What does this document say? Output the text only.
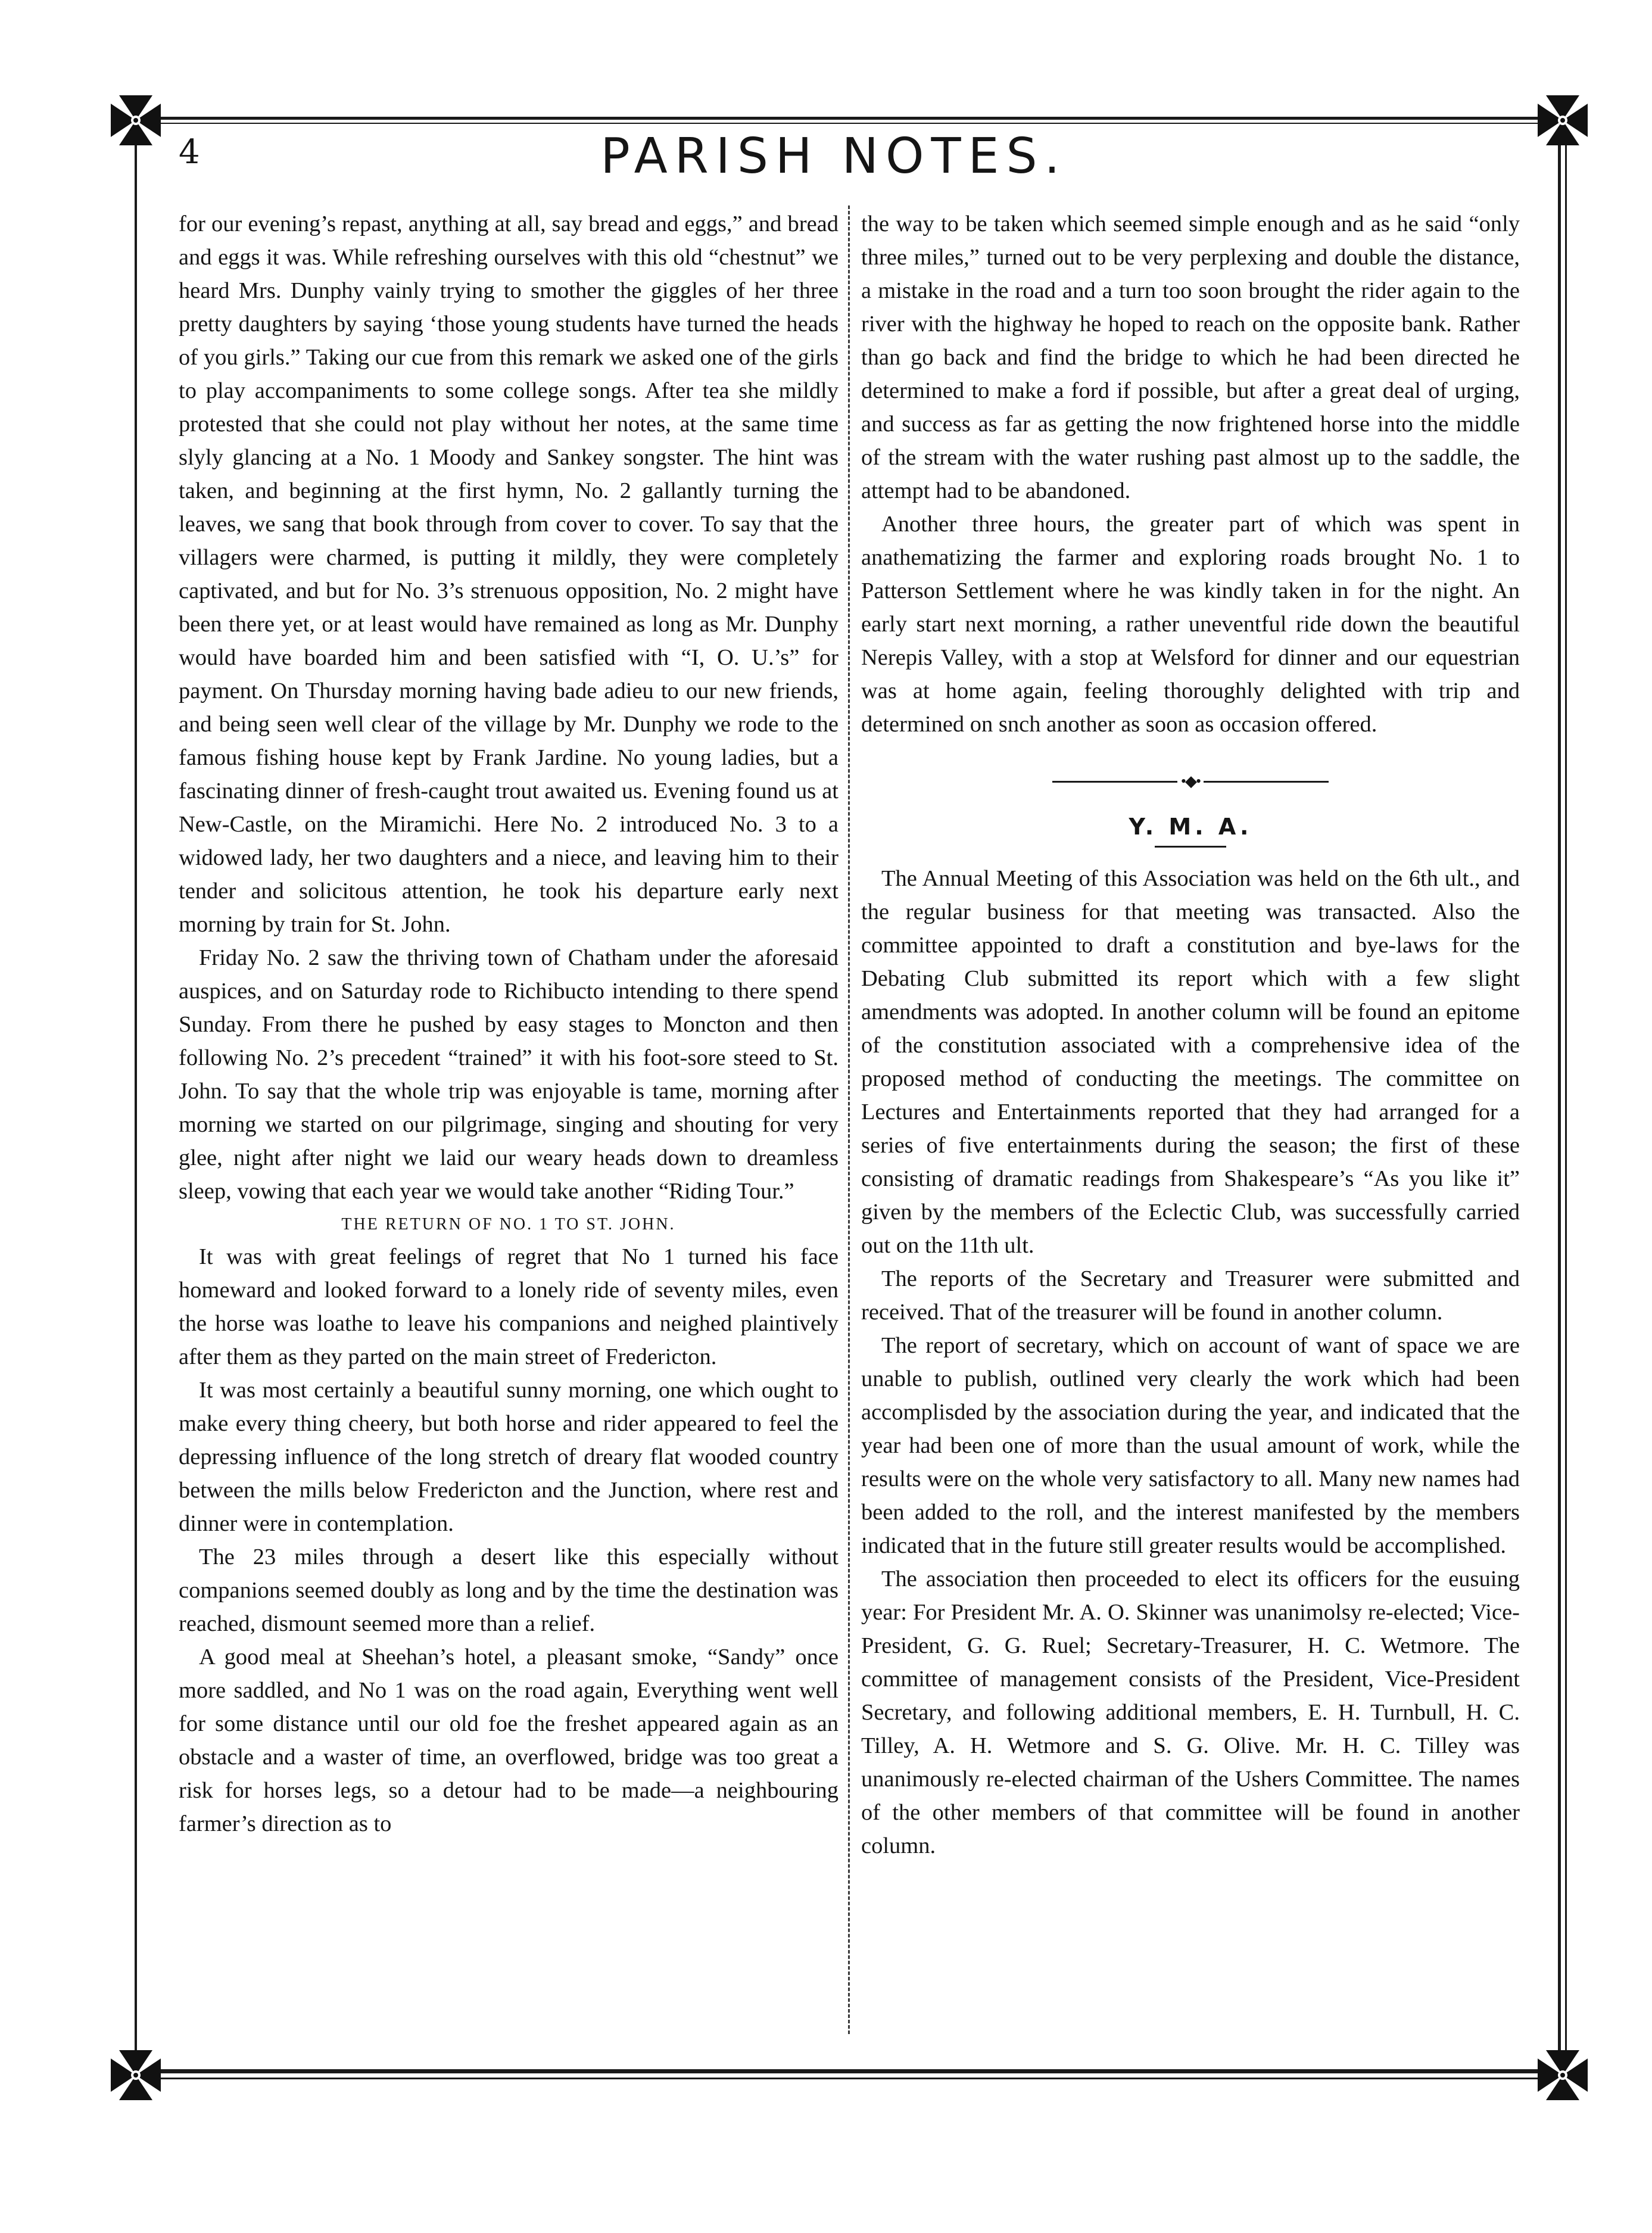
4	PARISH NOTES.

for our evening’s repast, anything at all, say bread and eggs,” and bread and eggs it was. While refreshing ourselves with this old “chestnut” we heard Mrs. Dunphy vainly trying to smother the giggles of her three pretty daughters by saying ‘those young students have turned the heads of you girls.” Taking our cue from this remark we asked one of the girls to play accompaniments to some college songs. After tea she mildly protested that she could not play without her notes, at the same time slyly glancing at a No. 1 Moody and Sankey songster. The hint was taken, and beginning at the first hymn, No. 2 gallantly turning the leaves, we sang that book through from cover to cover. To say that the villagers were charmed, is putting it mildly, they were completely captivated, and but for No. 3’s strenuous opposition, No. 2 might have been there yet, or at least would have remained as long as Mr. Dunphy would have boarded him and been satisfied with “I, O. U.’s” for payment. On Thursday morning having bade adieu to our new friends, and being seen well clear of the village by Mr. Dunphy we rode to the famous fishing house kept by Frank Jardine. No young ladies, but a fascinating dinner of fresh-caught trout awaited us. Evening found us at New-Castle, on the Miramichi. Here No. 2 introduced No. 3 to a widowed lady, her two daughters and a niece, and leaving him to their tender and solicitous attention, he took his departure early next morning by train for St. John.

Friday No. 2 saw the thriving town of Chatham under the aforesaid auspices, and on Saturday rode to Richibucto intending to there spend Sunday. From there he pushed by easy stages to Moncton and then following No. 2’s precedent “trained” it with his foot-sore steed to St. John. To say that the whole trip was enjoyable is tame, morning after morning we started on our pilgrimage, singing and shouting for very glee, night after night we laid our weary heads down to dreamless sleep, vowing that each year we would take another “Riding Tour.”

THE RETURN OF NO. 1 TO ST. JOHN.

It was with great feelings of regret that No 1 turned his face homeward and looked forward to a lonely ride of seventy miles, even the horse was loathe to leave his companions and neighed plaintively after them as they parted on the main street of Fredericton.

It was most certainly a beautiful sunny morning, one which ought to make every thing cheery, but both horse and rider appeared to feel the depressing influence of the long stretch of dreary flat wooded country between the mills below Fredericton and the Junction, where rest and dinner were in contemplation.

The 23 miles through a desert like this especially without companions seemed doubly as long and by the time the destination was reached, dismount seemed more than a relief.

A good meal at Sheehan’s hotel, a pleasant smoke, “Sandy” once more saddled, and No 1 was on the road again, Everything went well for some distance until our old foe the freshet appeared again as an obstacle and a waster of time, an overflowed, bridge was too great a risk for horses legs, so a detour had to be made—a neighbouring farmer’s direction as to

the way to be taken which seemed simple enough and as he said “only three miles,” turned out to be very perplexing and double the distance, a mistake in the road and a turn too soon brought the rider again to the river with the highway he hoped to reach on the opposite bank. Rather than go back and find the bridge to which he had been directed he determined to make a ford if possible, but after a great deal of urging, and success as far as getting the now frightened horse into the middle of the stream with the water rushing past almost up to the saddle, the attempt had to be abandoned.

Another three hours, the greater part of which was spent in anathematizing the farmer and exploring roads brought No. 1 to Patterson Settlement where he was kindly taken in for the night. An early start next morning, a rather uneventful ride down the beautiful Nerepis Valley, with a stop at Welsford for dinner and our equestrian was at home again, feeling thoroughly delighted with trip and determined on snch another as soon as occasion offered.

•◆•
Y. M. A.

The Annual Meeting of this Association was held on the 6th ult., and the regular business for that meeting was transacted. Also the committee appointed to draft a constitution and bye-laws for the Debating Club submitted its report which with a few slight amendments was adopted. In another column will be found an epitome of the constitution associated with a comprehensive idea of the proposed method of conducting the meetings. The committee on Lectures and Entertainments reported that they had arranged for a series of five entertainments during the season; the first of these consisting of dramatic readings from Shakespeare’s “As you like it” given by the members of the Eclectic Club, was successfully carried out on the 11th ult.

The reports of the Secretary and Treasurer were submitted and received. That of the treasurer will be found in another column.

The report of secretary, which on account of want of space we are unable to publish, outlined very clearly the work which had been accomplisded by the association during the year, and indicated that the year had been one of more than the usual amount of work, while the results were on the whole very satisfactory to all. Many new names had been added to the roll, and the interest manifested by the members indicated that in the future still greater results would be accomplished.

The association then proceeded to elect its officers for the eusuing year: For President Mr. A. O. Skinner was unanimolsy re-elected; Vice-President, G. G. Ruel; Secretary-Treasurer, H. C. Wetmore. The committee of management consists of the President, Vice-President Secretary, and following additional members, E. H. Turnbull, H. C. Tilley, A. H. Wetmore and S. G. Olive. Mr. H. C. Tilley was unanimously re-elected chairman of the Ushers Committee. The names of the other members of that committee will be found in another column.
